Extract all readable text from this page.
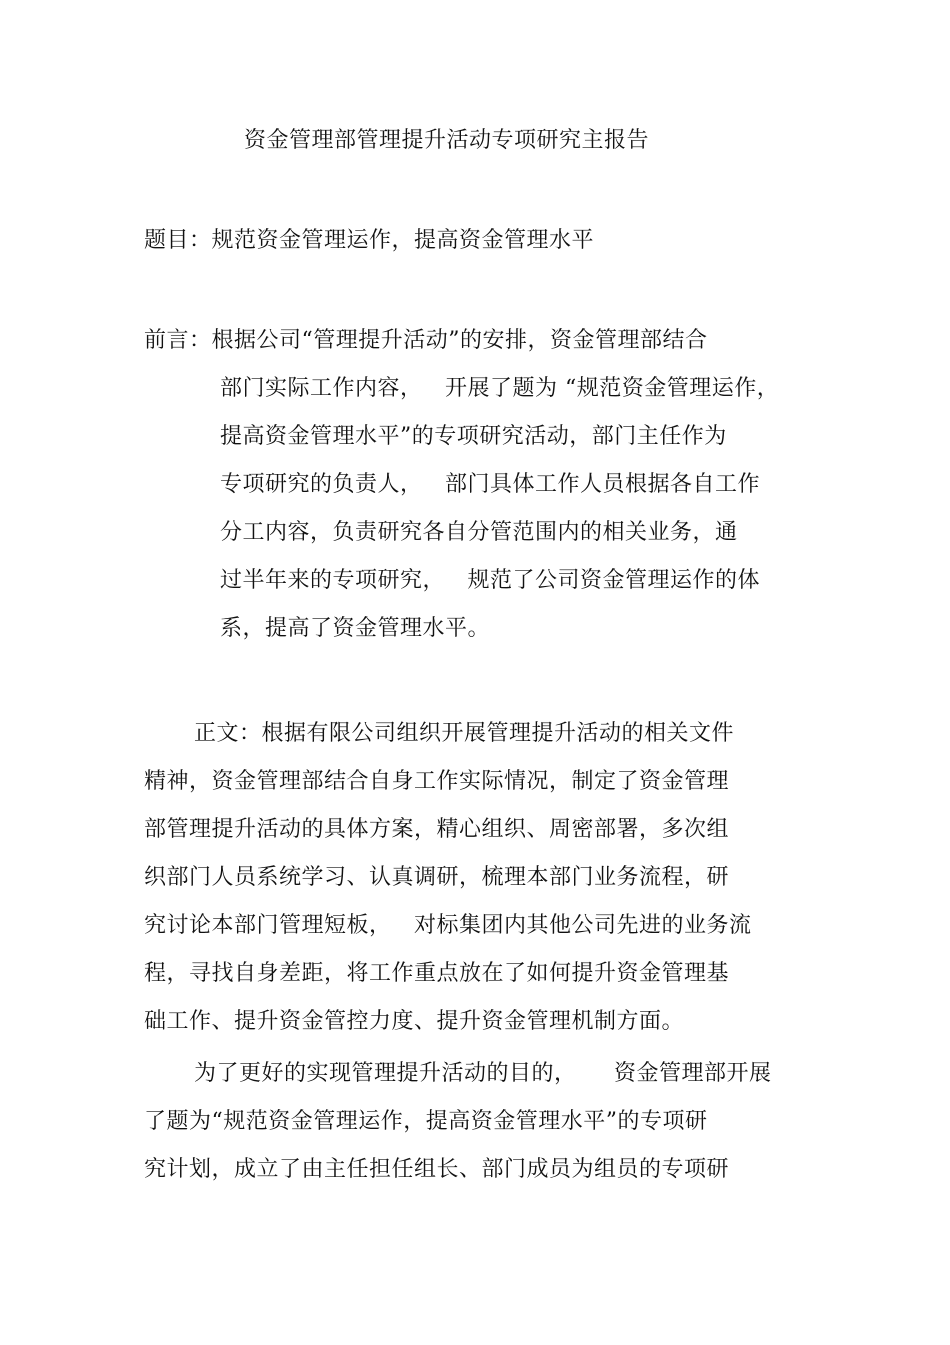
资金管理部管理提升活动专项研究主报告
题目：规范资金管理运作，提高资金管理水平
前言：根据公司“管理提升活动”的安排，资金管理部结合
部门实际工作内容，   开展了题为 “规范资金管理运作，
提高资金管理水平”的专项研究活动，部门主任作为
专项研究的负责人，   部门具体工作人员根据各自工作
分工内容，负责研究各自分管范围内的相关业务，通
过半年来的专项研究，   规范了公司资金管理运作的体
系，提高了资金管理水平。
正文：根据有限公司组织开展管理提升活动的相关文件
精神，资金管理部结合自身工作实际情况，制定了资金管理
部管理提升活动的具体方案，精心组织、周密部署，多次组
织部门人员系统学习、认真调研，梳理本部门业务流程，研
究讨论本部门管理短板，   对标集团内其他公司先进的业务流
程，寻找自身差距，将工作重点放在了如何提升资金管理基
础工作、提升资金管控力度、提升资金管理机制方面。
为了更好的实现管理提升活动的目的，     资金管理部开展
了题为“规范资金管理运作，提高资金管理水平”的专项研
究计划，成立了由主任担任组长、部门成员为组员的专项研
